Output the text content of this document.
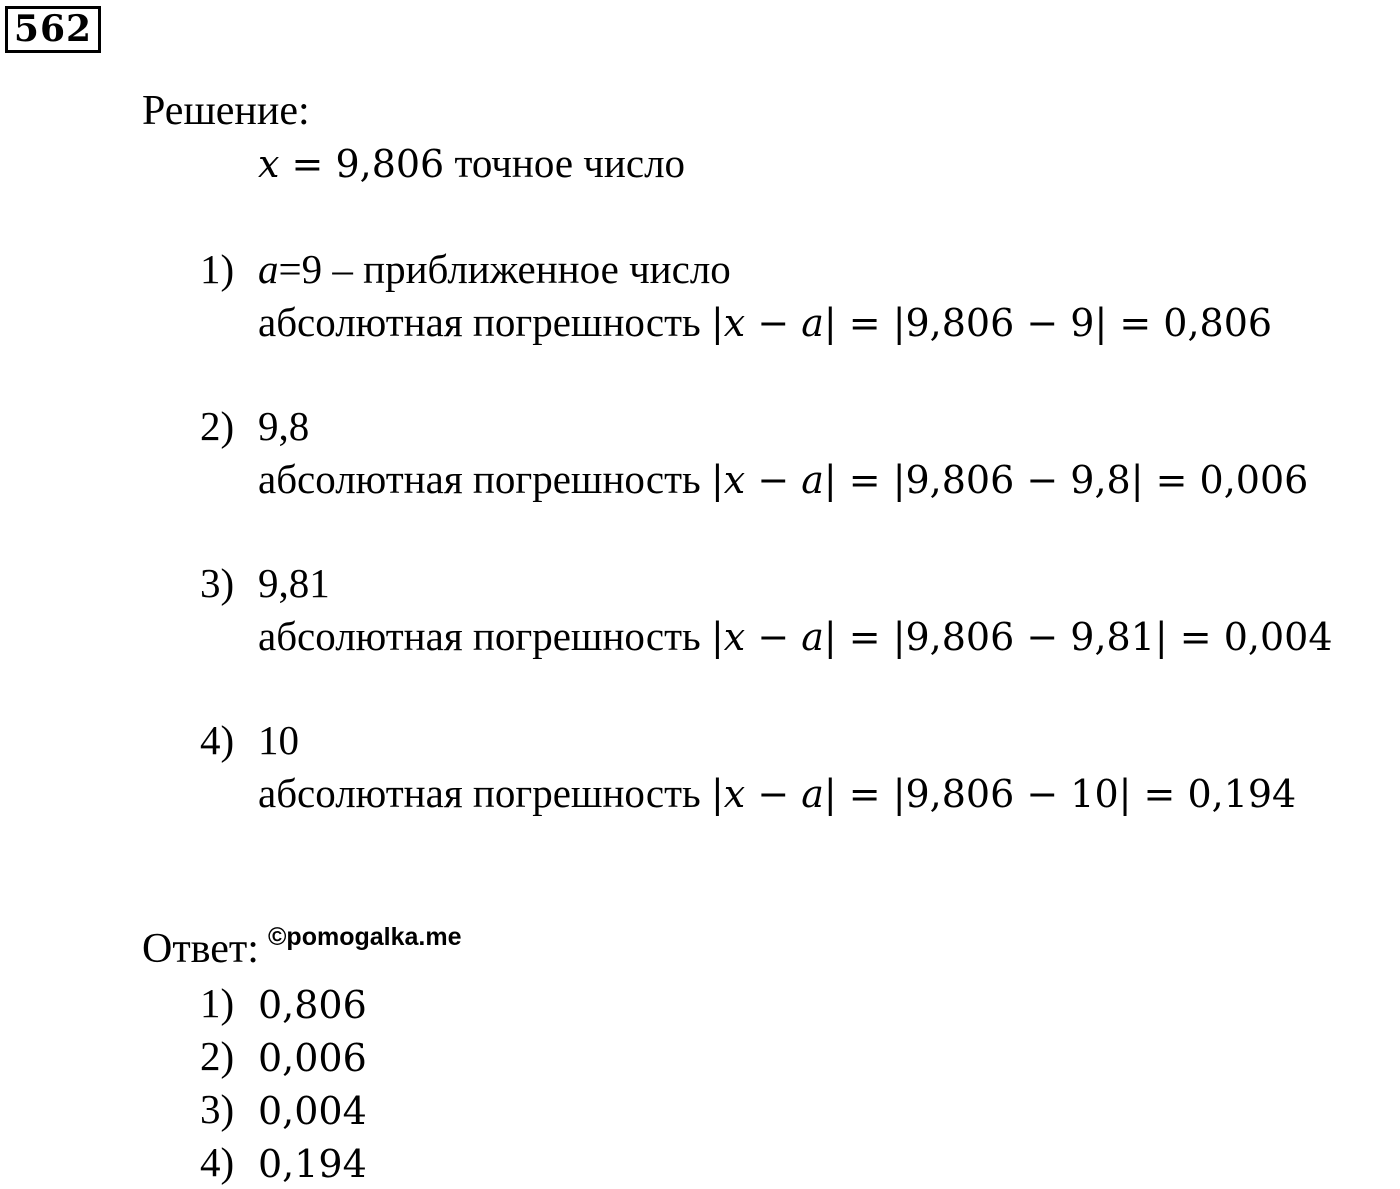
562
Решение:
x = 9,806 точное число
1) a=9 – приближенное число
абсолютная погрешность |x − a| = |9,806 − 9| = 0,806
2) 9,8
абсолютная погрешность |x − a| = |9,806 − 9,8| = 0,006
3) 9,81
абсолютная погрешность |x − a| = |9,806 − 9,81| = 0,004
4) 10
абсолютная погрешность |x − a| = |9,806 − 10| = 0,194
Ответ: ©pomogalka.me
1) 0,806
2) 0,006
3) 0,004
4) 0,194
